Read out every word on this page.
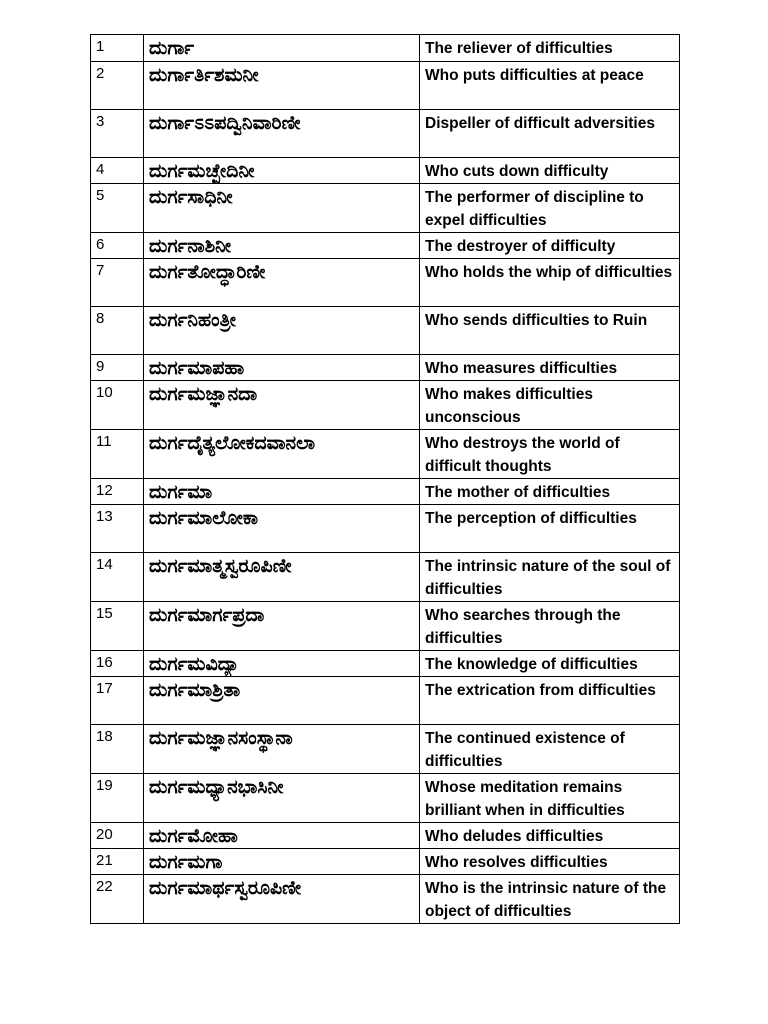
1	ದುರ್ಗಾ	The reliever of difficulties
2	ದುರ್ಗಾರ್ತಿಶಮನೀ	Who puts difficulties at peace
3	ದುರ್ಗಾಽಽಪದ್ವಿನಿವಾರಿಣೀ	Dispeller of difficult adversities
4	ದುರ್ಗಮಚ್ಛೇದಿನೀ	Who cuts down difficulty
5	ದುರ್ಗಸಾಧಿನೀ	The performer of discipline to expel difficulties
6	ದುರ್ಗನಾಶಿನೀ	The destroyer of difficulty
7	ದುರ್ಗತೋದ್ಧಾರಿಣೀ	Who holds the whip of difficulties
8	ದುರ್ಗನಿಹಂತ್ರೀ	Who sends difficulties to Ruin
9	ದುರ್ಗಮಾಪಹಾ	Who measures difficulties
10	ದುರ್ಗಮಜ್ಞಾನದಾ	Who makes difficulties unconscious
11	ದುರ್ಗದೈತ್ಯಲೋಕದವಾನಲಾ	Who destroys the world of difficult thoughts
12	ದುರ್ಗಮಾ	The mother of difficulties
13	ದುರ್ಗಮಾಲೋಕಾ	The perception of difficulties
14	ದುರ್ಗಮಾತ್ಮಸ್ವರೂಪಿಣೀ	The intrinsic nature of the soul of difficulties
15	ದುರ್ಗಮಾರ್ಗಪ್ರದಾ	Who searches through the difficulties
16	ದುರ್ಗಮವಿದ್ಯಾ	The knowledge of difficulties
17	ದುರ್ಗಮಾಶ್ರಿತಾ	The extrication from difficulties
18	ದುರ್ಗಮಜ್ಞಾನಸಂಸ್ಥಾನಾ	The continued existence of difficulties
19	ದುರ್ಗಮಧ್ಯಾನಭಾಸಿನೀ	Whose meditation remains brilliant when in difficulties
20	ದುರ್ಗಮೋಹಾ	Who deludes difficulties
21	ದುರ್ಗಮಗಾ	Who resolves difficulties
22	ದುರ್ಗಮಾರ್ಥಸ್ವರೂಪಿಣೀ	Who is the intrinsic nature of the object of difficulties
